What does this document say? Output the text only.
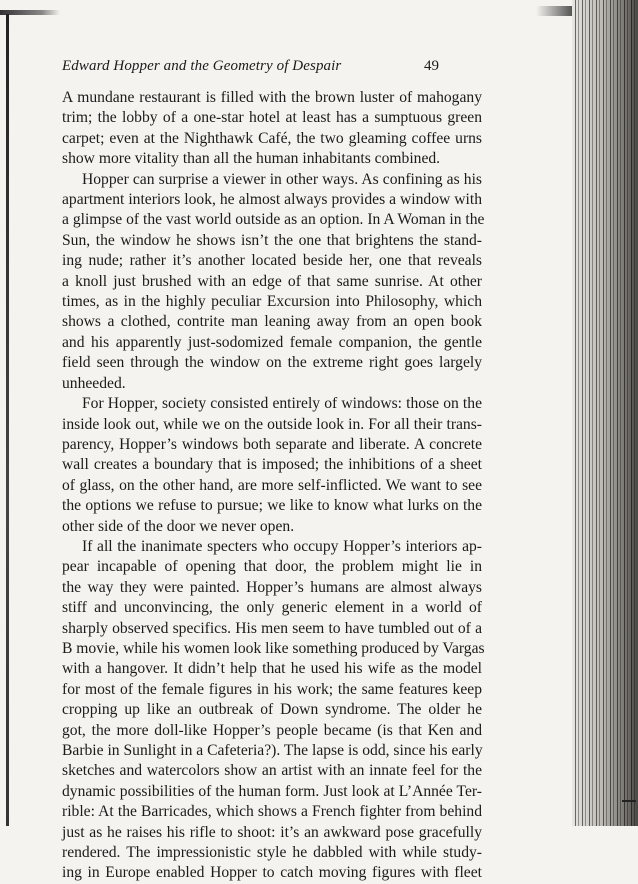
Edward Hopper and the Geometry of Despair	49
A mundane restaurant is filled with the brown luster of mahogany
trim; the lobby of a one-star hotel at least has a sumptuous green
carpet; even at the Nighthawk Café, the two gleaming coffee urns
show more vitality than all the human inhabitants combined.
Hopper can surprise a viewer in other ways. As confining as his
apartment interiors look, he almost always provides a window with
a glimpse of the vast world outside as an option. In A Woman in the
Sun, the window he shows isn’t the one that brightens the stand-
ing nude; rather it’s another located beside her, one that reveals
a knoll just brushed with an edge of that same sunrise. At other
times, as in the highly peculiar Excursion into Philosophy, which
shows a clothed, contrite man leaning away from an open book
and his apparently just-sodomized female companion, the gentle
field seen through the window on the extreme right goes largely
unheeded.
For Hopper, society consisted entirely of windows: those on the
inside look out, while we on the outside look in. For all their trans-
parency, Hopper’s windows both separate and liberate. A concrete
wall creates a boundary that is imposed; the inhibitions of a sheet
of glass, on the other hand, are more self-inflicted. We want to see
the options we refuse to pursue; we like to know what lurks on the
other side of the door we never open.
If all the inanimate specters who occupy Hopper’s interiors ap-
pear incapable of opening that door, the problem might lie in
the way they were painted. Hopper’s humans are almost always
stiff and unconvincing, the only generic element in a world of
sharply observed specifics. His men seem to have tumbled out of a
B movie, while his women look like something produced by Vargas
with a hangover. It didn’t help that he used his wife as the model
for most of the female figures in his work; the same features keep
cropping up like an outbreak of Down syndrome. The older he
got, the more doll-like Hopper’s people became (is that Ken and
Barbie in Sunlight in a Cafeteria?). The lapse is odd, since his early
sketches and watercolors show an artist with an innate feel for the
dynamic possibilities of the human form. Just look at L’Année Ter-
rible: At the Barricades, which shows a French fighter from behind
just as he raises his rifle to shoot: it’s an awkward pose gracefully
rendered. The impressionistic style he dabbled with while study-
ing in Europe enabled Hopper to catch moving figures with fleet
